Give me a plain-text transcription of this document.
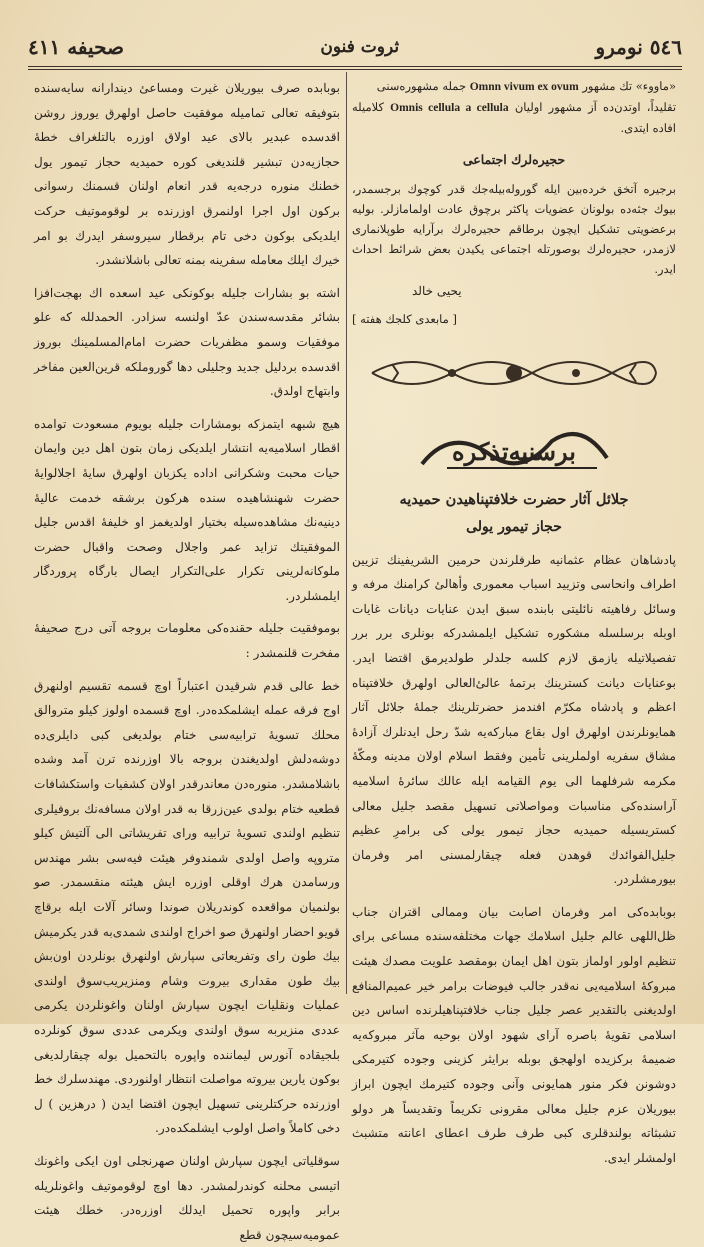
٥٤٦ نومرو
ثروت فنون
صحیفه ٤١١

«ماووء» تك مشهور Omnn vivum ex ovum جمله مشهوره‌سنی
تقلیداً، اوتدن‌ده آز مشهور اولیان Omnis cellula a cellula كلامیله افاده ایتدی.

حجیره‌لرك اجتماعی

برجیره آتخق خرده‌بین ایله گوروله‌بیله‌جك قدر كوچوك برجسمدر، بیوك جثه‌ده بولونان عضویات پاكثر برچوق عادت اولمامازلر. بولیه برعضویتی تشكیل ایچون برطاقم حجیره‌لرك برآرایه طوپلانماری لازمدر، حجیره‌لرك بوصورتله اجتماعی یكیدن بعض شرائط احداث ایدر.

یحیی خالد
[ مابعدی كلجك هفته ]
برسنیه‌تذكره
جلائل آثار حضرت خلافتپناهیدن حمیدیه
حجاز تیمور یولی

پادشاهان عظام عثمانیه طرفلرندن حرمین الشریفینك تزیین اطراف وانحاسی وتزیید اسباب معموری وأهالئ كرامنك مرفه و وسائل رفاهیته نائلیتی بابنده سبق ایدن عنایات دیانات غایات اوبله برسلسله مشكوره تشكیل ایلمشدركه بونلری برر برر تفصیلاتیله یازمق لازم كلسه جلدلر طولدیرمق اقتضا ایدر. بوعنایات دیانت كسترینك برتمۀ عالئ‌العالی اولهرق خلافتپناه اعظم و پادشاه مكرّم افندمز حضرتلرینك جملۀ جلائل آثار همایونلرندن اولهرق اول بقاع مباركه‌یه شدّ رحل ایدنلرك آزادۀ مشاق سفریه اولملرینی تأمین وفقط اسلام اولان مدینه ومكّۀ مكرمه شرفلهما الی یوم القیامه ایله عالك سائرۀ اسلامیه آراسنده‌كی مناسبات ومواصلاتی تسهیل مقصد جلیل معالی كستریسیله حمیدیه حجاز تیمور یولی كی برامرِ عظیم جلیل‌الفوائدك قوهدن فعله چیقارلمسنی امر وفرمان بیورمشلردر.

بوبابده‌كی امر وفرمان اصابت بیان وممالی اقتران جناب ظل‌اللهی عالم جلیل اسلامك جهات مختلفه‌سنده مساعی برای تنظیم اولور اولماز بتون اهل ایمان بومقصد علویت مصدك هیئت مبروكۀ اسلامیه‌یی نه‌قدر جالب فیوضات برامر خیر عمیم‌المنافع اولدیغنی بالتقدیر عصر جلیل جناب خلافتپناهیلرنده اساس دین اسلامی تقویۀ باصره آرای شهود اولان بوحیه مآثر مبروكه‌یه ضمیمۀ بركزیده اولهجق بوبله برایثر كزینی وجوده كتیرمكی دوشونن فكر منور همایونی وآنی وجوده كتیرمك ایچون ابراز بیوریلان عزم جلیل معالی مقرونی تكریماً وتقدیساً هر دولو تشبثاته بولندقلری كبی طرف طرف اعطای اعانته متشبث اولمشلر ایدی.

بوبابده صرف بیوریلان غیرت ومساعئ دیندارانه سایه‌سنده بتوفیقه تعالی تمامیله موفقیت حاصل اولهرق یوروز روشن اقدسده عبدیر بالای عید اولاق اوزره بالتلغراف خطۀ حجازیه‌دن تبشیر قلندیغی كوره حمیدیه حجاز تیمور یول خطنك منوره درجه‌یه قدر انعام اولنان قسمنك رسوانی بركون اول اجرا اولنمرق اوزرنده بر لوقوموتیف حركت ایلدیكی بوكون دخی تام برقطار سیروسفر ایدرك بو امر خیرك ایلك معامله سفرینه بمنه تعالی باشلانشدر.

اشته بو بشارات جلیله بوكونكی عید اسعده اك بهجت‌افزا بشائر مقدسه‌سندن عدّ اولنسه سزادر. الحمدلله كه علو موفقیات وسمو مظفریات حضرت امام‌المسلمینك بوروز اقدسده بردلیل جدید وجلیلی دها گوروملكه قرین‌العین مفاخر وابتهاج اولدق.

هیچ شبهه ایتمزكه بومشارات جلیله بویوم مسعودت توامده اقطار اسلامیه‌یه انتشار ایلدیكی زمان بتون اهل دین وایمان حیات محبت وشكرانی اداده یكزبان اولهرق سایۀ اجلالوایۀ حضرت شهنشاهیده سنده هركون برشقه خدمت عالیۀ دینیه‌نك مشاهده‌سیله بختیار اولدیغمز او خلیفۀ اقدس جلیل الموفقیتك تزاید عمر واجلال وصحت واقبال حضرت ملوكانه‌لرینی تكرار علی‌التكرار ایصال بارگاه پروردگار ایلمشلردر.

بوموفقیت جلیله حقنده‌كی معلومات بروجه آتی درج صحیفۀ مفخرت قلنمشدر :

خط عالی قدم شرقیدن اعتباراً اوچ قسمه تقسیم اولنهرق اوج فرقه عمله ایشلمكده‌در. اوچ قسمده اولوز كیلو متروالق محلك تسویۀ ترابیه‌سی ختام بولدیغی كبی دایلری‌ده دوشه‌دلش اولدیغندن بروجه بالا اوزرنده ترن آمد وشده باشلامشدر. منوره‌دن معاندرقدر اولان كشفیات واستكشافات قطعیه ختام بولدی عین‌زرقا به قدر اولان مسافه‌نك بروفیلری تنظیم اولندی تسویۀ ترابیه وراى تفریشاتی الی آلتیش كیلو متروپه واصل اولدی شمندوفر هیئت فیه‌سی بشر مهندس ورسامدن هرك اوقلی اوزره ایش هیئته منقسمدر. صو بولنمیان مواقعده كوندریلان صوندا وسائر آلات ایله برقاچ قویو احضار اولنهرق صو اخراج اولندی شمدی‌به قدر یكرمیش بیك طون راى وتفریعاتی سپارش اولنهرق بونلردن اون‌بش بیك طون مقداری بیروت وشام ومنزیریب‌سوق اولندی عملیات ونقلیات ایچون سپارش اولنان واغونلردن یكرمی عددی منزیربه سوق اولندی ویكرمی عددی سوق كونلرده بلجیقاده آنورس لیماننده واپوره بالتحمیل بوله چیقارلدیغی بوكون یارین بیروته مواصلت انتظار اولنور‌دی. مهندسلرك خط اوزرنده حركتلرینی تسهیل ایچون اقتضا ایدن ( درهزین ) ل دخی كاملاً واصل اولوب ایشلمكده‌در.

سوقلیاتی ایچون سپارش اولنان صهرنجلی اون ایكی واغونك اتیسی محلنه كوندرلمشدر. دها اوچ لوقوموتیف واغونلریله برابر واپوره تحمیل ایدلك اوزره‌در. خطك هیئت عمومیه‌سیچون قطع
